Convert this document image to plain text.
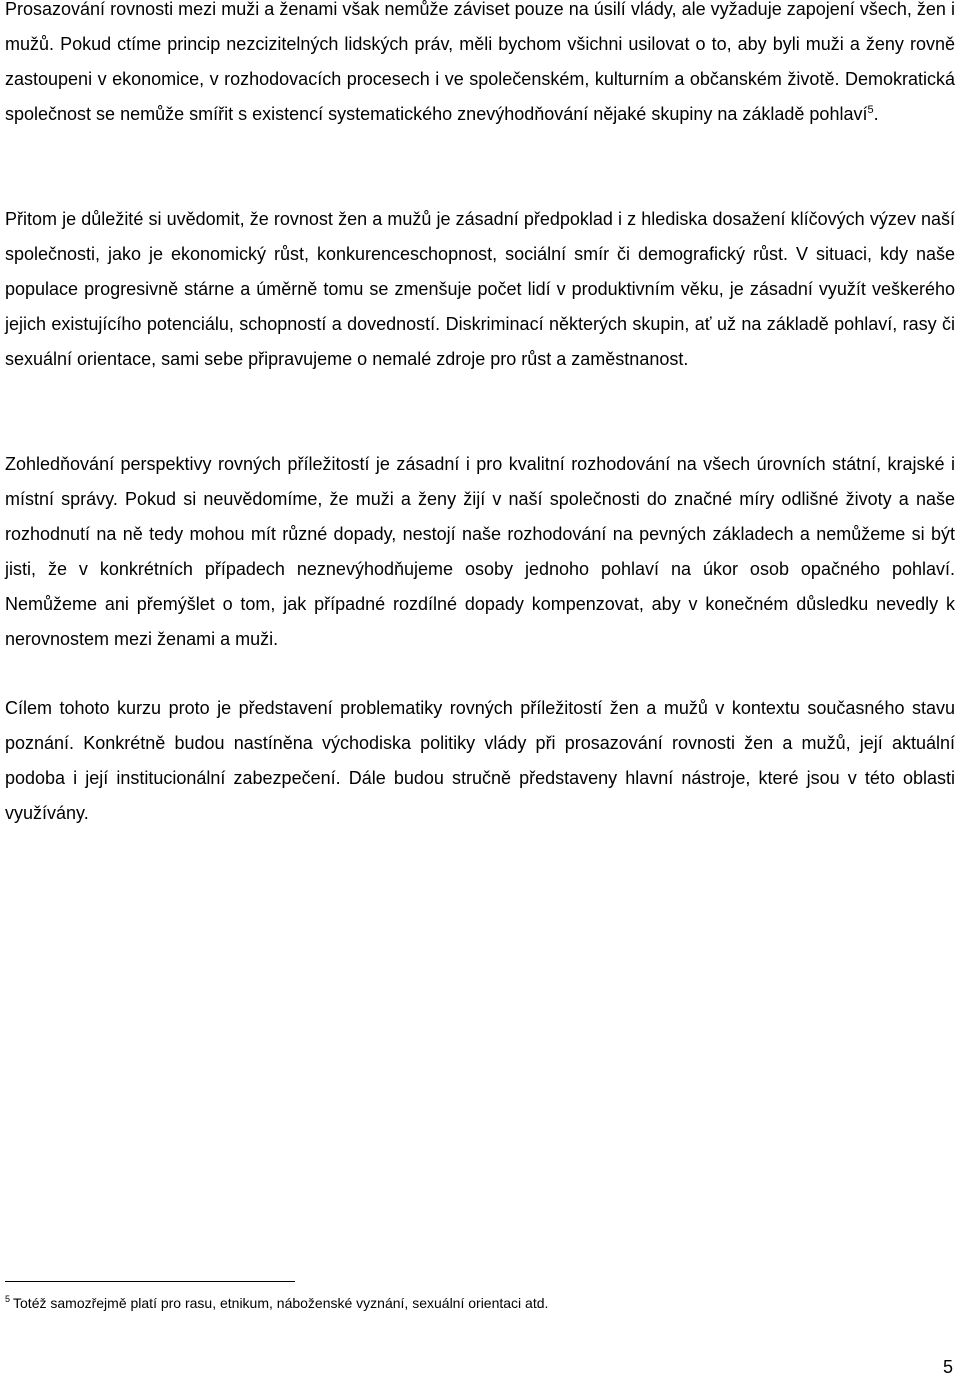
Prosazování rovnosti mezi muži a ženami však nemůže záviset pouze na úsilí vlády, ale vyžaduje zapojení všech, žen i mužů. Pokud ctíme princip nezcizitelných lidských práv, měli bychom všichni usilovat o to, aby byli muži a ženy rovně zastoupeni v ekonomice, v rozhodovacích procesech i ve společenském, kulturním a občanském životě. Demokratická společnost se nemůže smířit s existencí systematického znevýhodňování nějaké skupiny na základě pohlaví$^5$.

Přitom je důležité si uvědomit, že rovnost žen a mužů je zásadní předpoklad i z hlediska dosažení klíčových výzev naší společnosti, jako je ekonomický růst, konkurenceschopnost, sociální smír či demografický růst. V situaci, kdy naše populace progresivně stárne a úměrně tomu se zmenšuje počet lidí v produktivním věku, je zásadní využít veškerého jejich existujícího potenciálu, schopností a dovedností. Diskriminací některých skupin, ať už na základě pohlaví, rasy či sexuální orientace, sami sebe připravujeme o nemalé zdroje pro růst a zaměstnanost.

Zohledňování perspektivy rovných příležitostí je zásadní i pro kvalitní rozhodování na všech úrovních státní, krajské i místní správy. Pokud si neuvědomíme, že muži a ženy žijí v naší společnosti do značné míry odlišné životy a naše rozhodnutí na ně tedy mohou mít různé dopady, nestojí naše rozhodování na pevných základech a nemůžeme si být jisti, že v konkrétních případech neznevýhodňujeme osoby jednoho pohlaví na úkor osob opačného pohlaví. Nemůžeme ani přemýšlet o tom, jak případné rozdílné dopady kompenzovat, aby v konečném důsledku nevedly k nerovnostem mezi ženami a muži.

Cílem tohoto kurzu proto je představení problematiky rovných příležitostí žen a mužů v kontextu současného stavu poznání. Konkrétně budou nastíněna východiska politiky vlády při prosazování rovnosti žen a mužů, její aktuální podoba i její institucionální zabezpečení. Dále budou stručně představeny hlavní nástroje, které jsou v této oblasti využívány.

$^5$ Totéž samozřejmě platí pro rasu, etnikum, náboženské vyznání, sexuální orientaci atd.

5
